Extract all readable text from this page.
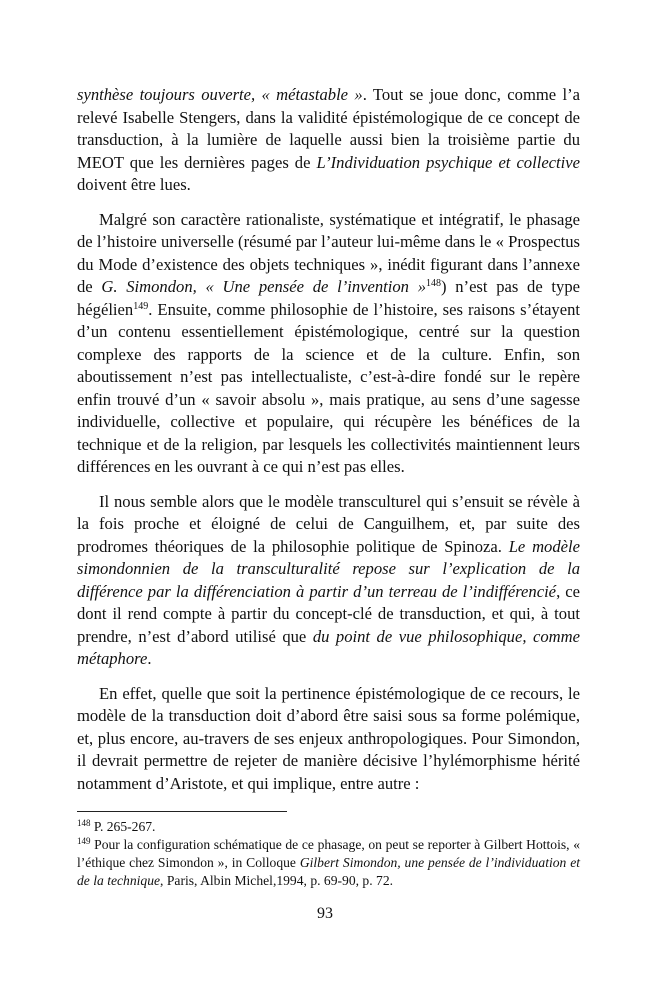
synthèse toujours ouverte, « métastable ». Tout se joue donc, comme l’a relevé Isabelle Stengers, dans la validité épistémologique de ce concept de transduction, à la lumière de laquelle aussi bien la troisième partie du MEOT que les dernières pages de L’Individuation psychique et collective doivent être lues.

Malgré son caractère rationaliste, systématique et intégratif, le phasage de l’histoire universelle (résumé par l’auteur lui-même dans le « Prospectus du Mode d’existence des objets techniques », inédit figurant dans l’annexe de G. Simondon, « Une pensée de l’invention »$^{148}$) n’est pas de type hégélien$^{149}$. Ensuite, comme philosophie de l’histoire, ses raisons s’étayent d’un contenu essentiellement épistémologique, centré sur la question complexe des rapports de la science et de la culture. Enfin, son aboutissement n’est pas intellectualiste, c’est-à-dire fondé sur le repère enfin trouvé d’un « savoir absolu », mais pratique, au sens d’une sagesse individuelle, collective et populaire, qui récupère les bénéfices de la technique et de la religion, par lesquels les collectivités maintiennent leurs différences en les ouvrant à ce qui n’est pas elles.

Il nous semble alors que le modèle transculturel qui s’ensuit se révèle à la fois proche et éloigné de celui de Canguilhem, et, par suite des prodromes théoriques de la philosophie politique de Spinoza. Le modèle simondonnien de la transculturalité repose sur l’explication de la différence par la différenciation à partir d’un terreau de l’indifférencié, ce dont il rend compte à partir du concept-clé de transduction, et qui, à tout prendre, n’est d’abord utilisé que du point de vue philosophique, comme métaphore.

En effet, quelle que soit la pertinence épistémologique de ce recours, le modèle de la transduction doit d’abord être saisi sous sa forme polémique, et, plus encore, au-travers de ses enjeux anthropologiques. Pour Simondon, il devrait permettre de rejeter de manière décisive l’hylémorphisme hérité notamment d’Aristote, et qui implique, entre autre :

$^{148}$ P. 265-267.

$^{149}$ Pour la configuration schématique de ce phasage, on peut se reporter à Gilbert Hottois, « l’éthique chez Simondon », in Colloque Gilbert Simondon, une pensée de l’individuation et de la technique, Paris, Albin Michel,1994, p. 69-90, p. 72.

93
